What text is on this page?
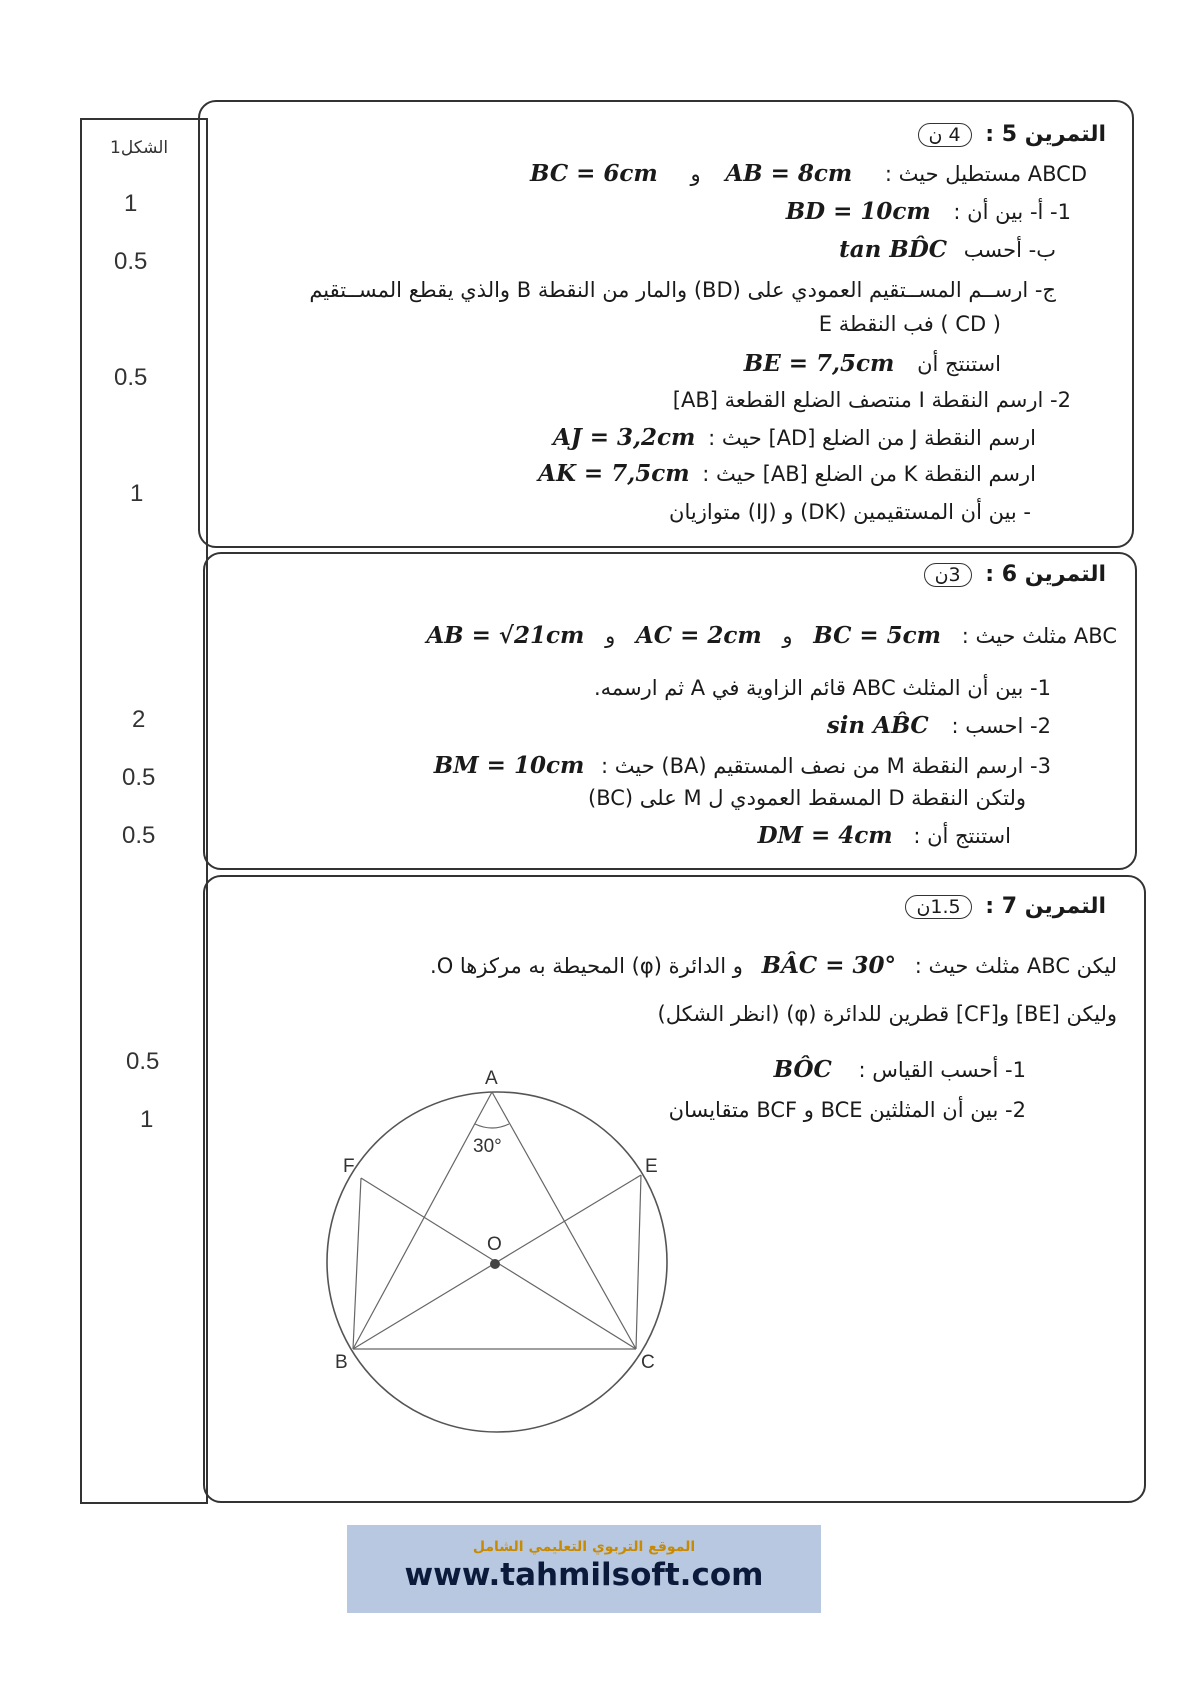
الشكل1
1
0.5
0.5
1
2
0.5
0.5
0.5
1
التمرين 5 : 4 ن
ABCD مستطيل حيث : AB = 8cm و BC = 6cm
1- أ- بين أن : BD = 10cm
ب- أحسب tan BD̂C
ج- ارســم المســتقيم العمودي على (BD) والمار من النقطة B والذي يقطع المســتقيم
( CD ) فب النقطة E
استنتج أن BE = 7,5cm
2- ارسم النقطة I منتصف الضلع القطعة [AB]
ارسم النقطة J من الضلع [AD] حيث : AJ = 3,2cm
ارسم النقطة K من الضلع [AB] حيث : AK = 7,5cm
- بين أن المستقيمين (DK) و (IJ) متوازيان
التمرين 6 : 3ن
ABC مثلث حيث : BC = 5cm و AC = 2cm و AB = √21cm
1- بين أن المثلث ABC قائم الزاوية في A ثم ارسمه.
2- احسب : sin AB̂C
3- ارسم النقطة M من نصف المستقيم (BA) حيث : BM = 10cm
ولتكن النقطة D المسقط العمودي ل M على (BC)
استنتج أن : DM = 4cm
التمرين 7 : 1.5ن
ليكن ABC مثلث حيث : BÂC = 30° و الدائرة (φ) المحيطة به مركزها O.
وليكن [BE] و[CF] قطرين للدائرة (φ) (انظر الشكل)
1- أحسب القياس : BÔC
2- بين أن المثلثين BCE و BCF متقايسان
A
B	C
E
F
O
30°
الموقع التربوي التعليمي الشامل
www.tahmilsoft.com
